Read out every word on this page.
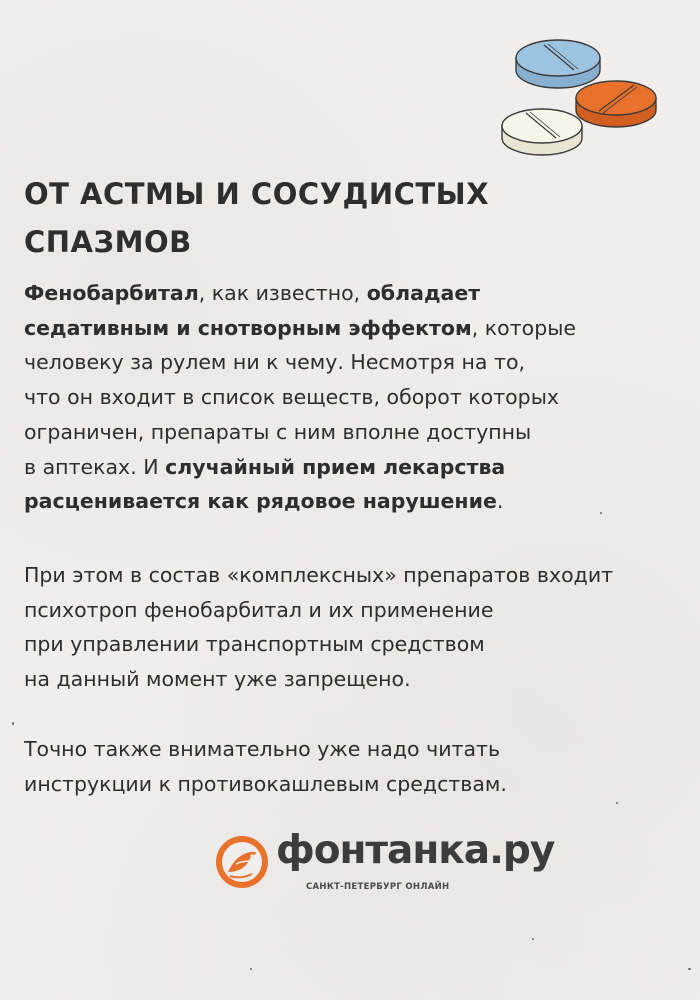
ОТ АСТМЫ И СОСУДИСТЫХ
СПАЗМОВ

Фенобарбитал, как известно, обладает
седативным и снотворным эффектом, которые
человеку за рулем ни к чему. Несмотря на то,
что он входит в список веществ, оборот которых
ограничен, препараты с ним вполне доступны
в аптеках. И случайный прием лекарства
расценивается как рядовое нарушение.

При этом в состав «комплексных» препаратов входит
психотроп фенобарбитал и их применение
при управлении транспортным средством
на данный момент уже запрещено.

Точно также внимательно уже надо читать
инструкции к противокашлевым средствам.

фонтанка.ру
САНКТ-ПЕТЕРБУРГ ОНЛАЙН
